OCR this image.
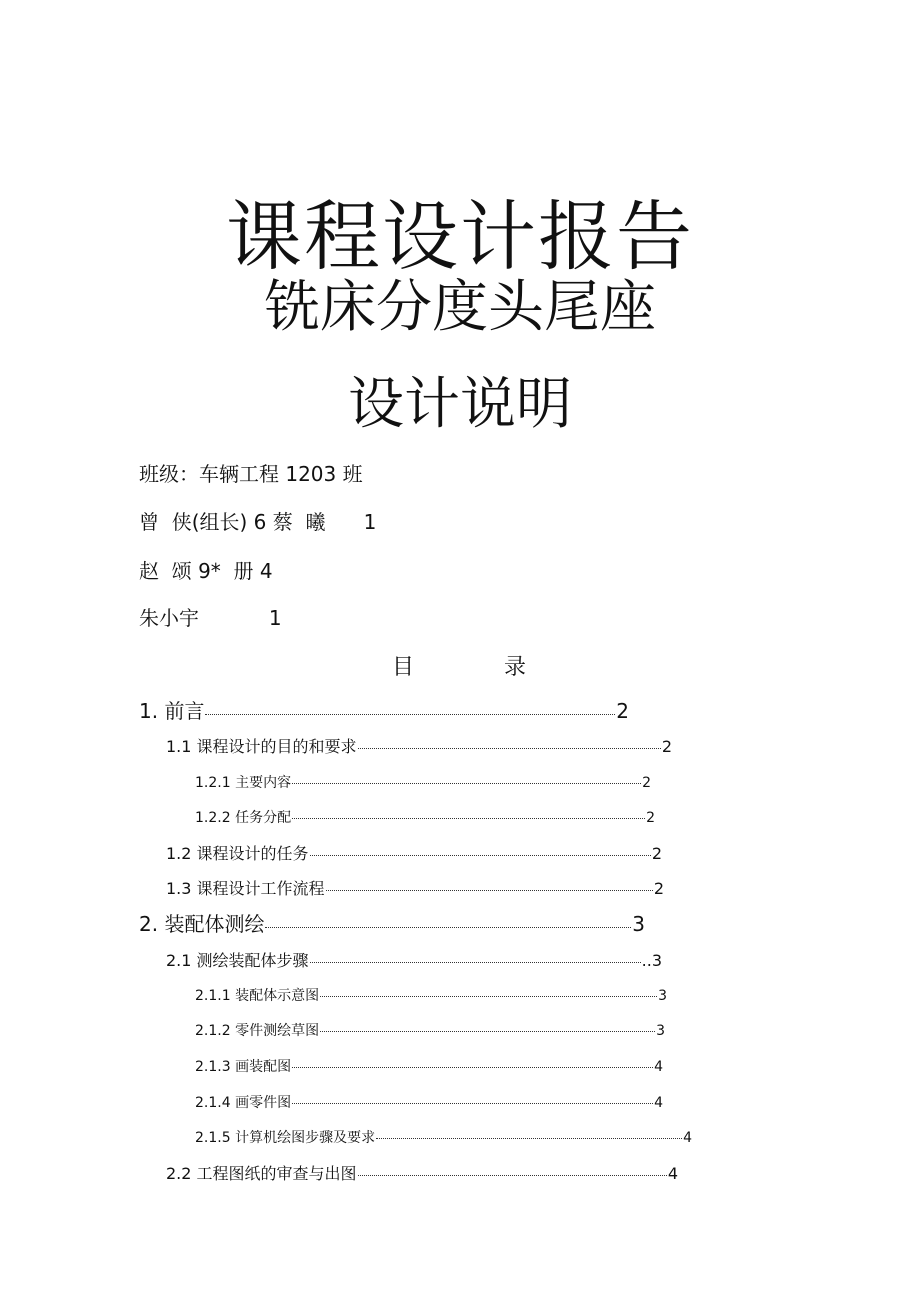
课程设计报告
铣床分度头尾座
设计说明
班级：车辆工程 1203 班
曾  侠(组长) 6 蔡  曦      1
赵  颂 9*  册 4
朱小宇           1
目	录
1. 前言	2
1.1 课程设计的目的和要求	2
1.2.1 主要内容	2
1.2.2 任务分配	2
1.2 课程设计的任务	2
1.3 课程设计工作流程	2
2. 装配体测绘	3
2.1 测绘装配体步骤	..3
2.1.1 装配体示意图	3
2.1.2 零件测绘草图	3
2.1.3 画装配图	4
2.1.4 画零件图	4
2.1.5 计算机绘图步骤及要求	4
2.2 工程图纸的审查与出图	4
